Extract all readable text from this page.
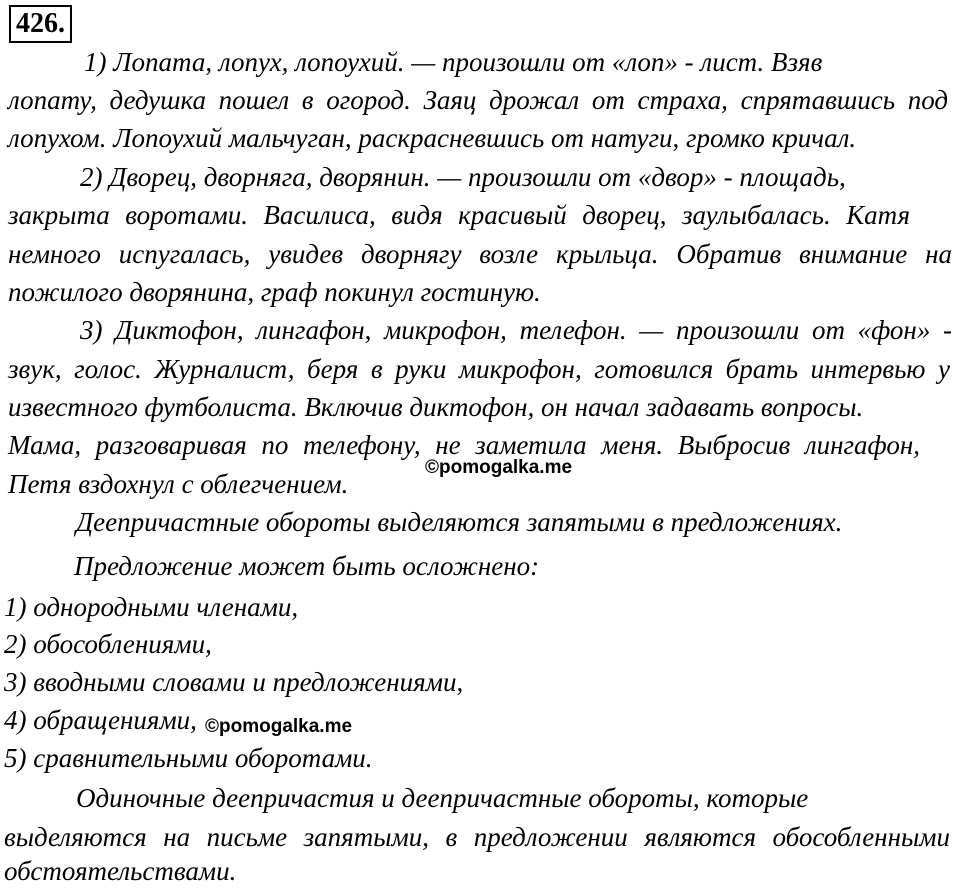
426.
1) Лопата, лопух, лопоухий. — произошли от «лоп» - лист. Взяв
лопату, дедушка пошел в огород. Заяц дрожал от страха, спрятавшись под
лопухом. Лопоухий мальчуган, раскрасневшись от натуги, громко кричал.
2) Дворец, дворняга, дворянин. — произошли от «двор» - площадь,
закрыта воротами. Василиса, видя красивый дворец, заулыбалась. Катя
немного испугалась, увидев дворнягу возле крыльца. Обратив внимание на
пожилого дворянина, граф покинул гостиную.
3) Диктофон, лингафон, микрофон, телефон. — произошли от «фон» -
звук, голос. Журналист, беря в руки микрофон, готовился брать интервью у
известного футболиста. Включив диктофон, он начал задавать вопросы.
Мама, разговаривая по телефону, не заметила меня. Выбросив лингафон,
Петя вздохнул с облегчением.
Деепричастные обороты выделяются запятыми в предложениях.
Предложение может быть осложнено:
1) однородными членами,
2) обособлениями,
3) вводными словами и предложениями,
4) обращениями,
5) сравнительными оборотами.
Одиночные деепричастия и деепричастные обороты, которые
выделяются на письме запятыми, в предложении являются обособленными
обстоятельствами.
©pomogalka.me
©pomogalka.me
